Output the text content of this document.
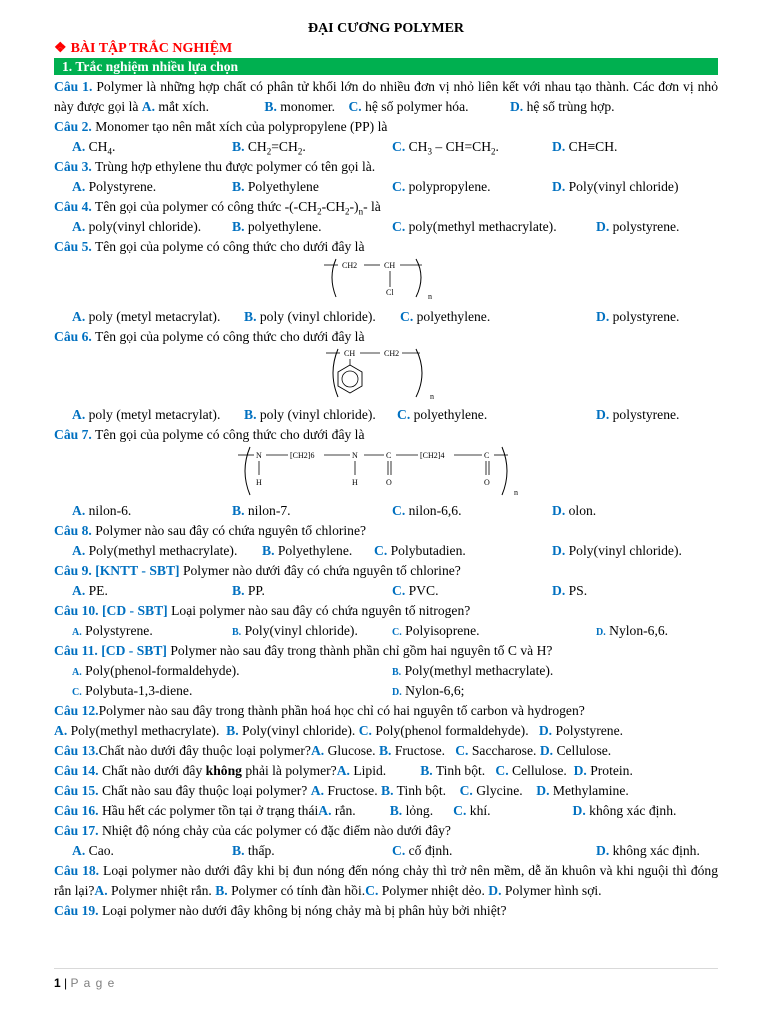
ĐẠI CƯƠNG POLYMER
❖ BÀI TẬP TRẮC NGHIỆM
1. Trắc nghiệm nhiều lựa chọn
Câu 1. Polymer là những hợp chất có phân tử khối lớn do nhiều đơn vị nhỏ liên kết với nhau tạo thành. Các đơn vị nhỏ này được gọi là A. mắt xích.	B. monomer. C. hệ số polymer hóa.	D. hệ số trùng hợp.
Câu 2. Monomer tạo nên mắt xích của polypropylene (PP) là
A. $CH_4$.	B. $CH_2=CH_2$.	C. $CH_3 - CH=CH_2$.	D. CH≡CH.
Câu 3. Trùng hợp ethylene thu được polymer có tên gọi là.
A. Polystyrene.	B. Polyethylene	C. polypropylene.	D. Poly(vinyl chloride)
Câu 4. Tên gọi của polymer có công thức $-(-CH_2-CH_2-)_n-$ là
A. poly(vinyl chloride).	B. polyethylene.	C. poly(methyl methacrylate).	D. polystyrene.
Câu 5. Tên gọi của polyme có công thức cho dưới đây là
CH2	CH
Cl	n
A. poly (metyl metacrylat).	B. poly (vinyl chloride).	C. polyethylene.	D. polystyrene.
Câu 6. Tên gọi của polyme có công thức cho dưới đây là
CH	CH2
n
A. poly (metyl metacrylat).	B. poly (vinyl chloride).	C. polyethylene.	D. polystyrene.
Câu 7. Tên gọi của polyme có công thức cho dưới đây là
N	[CH2]6	N	C	[CH2]4	C
H	H	O	O
n
A. nilon-6.	B. nilon-7.	C. nilon-6,6.	D. olon.
Câu 8. Polymer nào sau đây có chứa nguyên tố chlorine?
A. Poly(methyl methacrylate).	B. Polyethylene.	C. Polybutadien.	D. Poly(vinyl chloride).
Câu 9. [KNTT - SBT] Polymer nào dưới đây có chứa nguyên tố chlorine?
A. PE.	B. PP.	C. PVC.	D. PS.
Câu 10. [CD - SBT] Loại polymer nào sau đây có chứa nguyên tố nitrogen?
A. Polystyrene.	B. Poly(vinyl chloride).	C. Polyisoprene.	D. Nylon-6,6.
Câu 11. [CD - SBT] Polymer nào sau đây trong thành phần chỉ gồm hai nguyên tố C và H?
A. Poly(phenol-formaldehyde).	B. Poly(methyl methacrylate).
C. Polybuta-1,3-diene.	D. Nylon-6,6;
Câu 12.Polymer nào sau đây trong thành phần hoá học chỉ có hai nguyên tố carbon và hydrogen?
A. Poly(methyl methacrylate). B. Poly(vinyl chloride). C. Poly(phenol formaldehyde). D. Polystyrene.
Câu 13.Chất nào dưới đây thuộc loại polymer?A. Glucose. B. Fructose. C. Saccharose. D. Cellulose.
Câu 14. Chất nào dưới đây không phải là polymer?A. Lipid.	B. Tinh bột. C. Cellulose. D. Protein.
Câu 15. Chất nào sau đây thuộc loại polymer? A. Fructose. B. Tinh bột. C. Glycine. D. Methylamine.
Câu 16. Hầu hết các polymer tồn tại ở trạng tháiA. rắn.	B. lỏng. C. khí.	D. không xác định.
Câu 17. Nhiệt độ nóng chảy của các polymer có đặc điểm nào dưới đây?
A. Cao.	B. thấp.	C. cố định.	D. không xác định.
Câu 18. Loại polymer nào dưới đây khi bị đun nóng đến nóng chảy thì trở nên mềm, dễ ăn khuôn và khi nguội thì đóng rắn lại?A. Polymer nhiệt rắn. B. Polymer có tính đàn hồi.C. Polymer nhiệt dẻo. D. Polymer hình sợi.
Câu 19. Loại polymer nào dưới đây không bị nóng chảy mà bị phân hủy bởi nhiệt?
1 | P a g e
